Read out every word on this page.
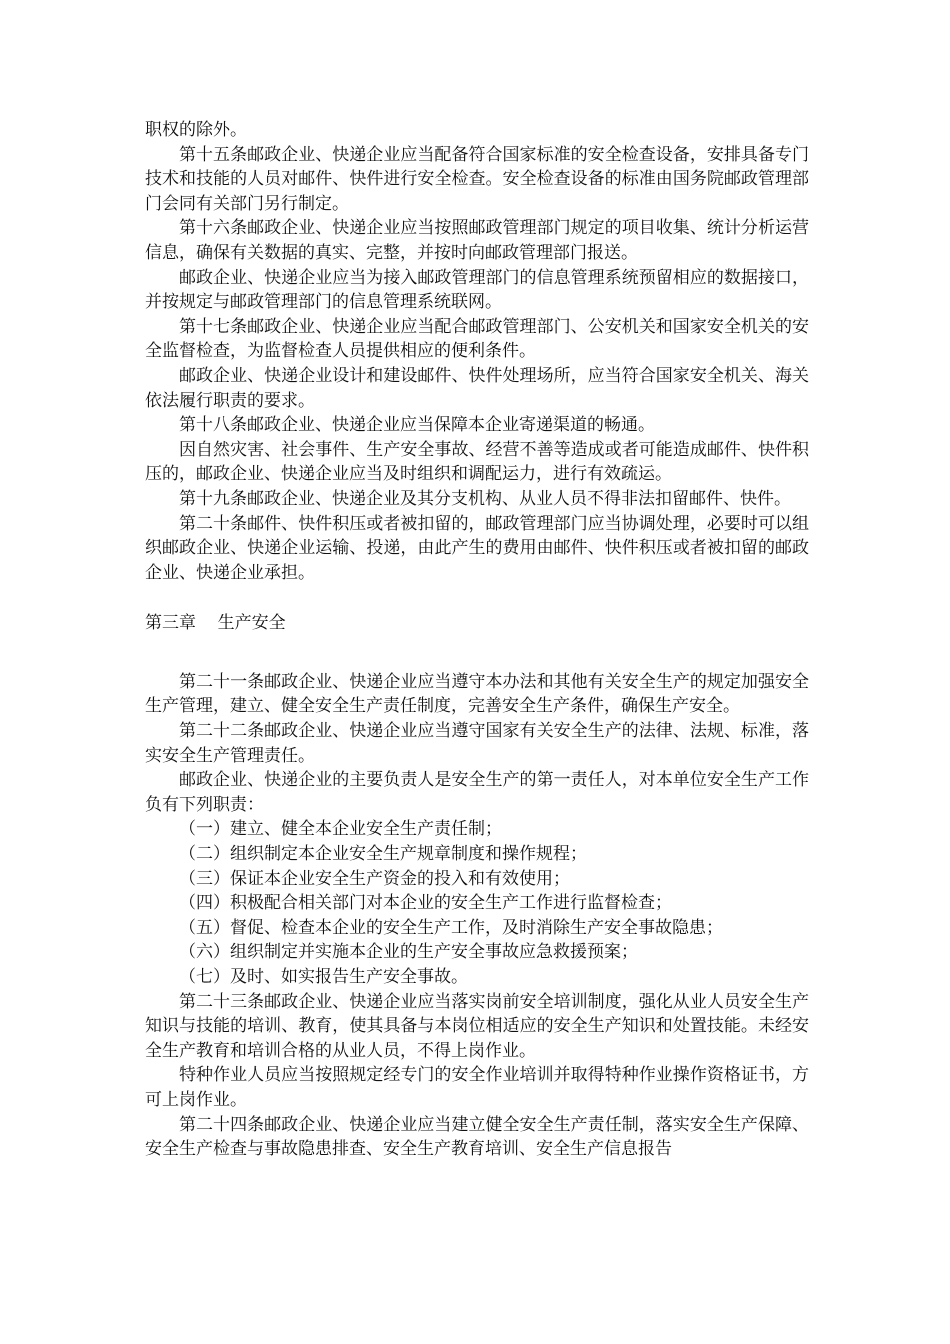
职权的除外。

第十五条邮政企业、快递企业应当配备符合国家标准的安全检查设备，安排具备专门技术和技能的人员对邮件、快件进行安全检查。安全检查设备的标准由国务院邮政管理部门会同有关部门另行制定。

第十六条邮政企业、快递企业应当按照邮政管理部门规定的项目收集、统计分析运营信息，确保有关数据的真实、完整，并按时向邮政管理部门报送。

邮政企业、快递企业应当为接入邮政管理部门的信息管理系统预留相应的数据接口，并按规定与邮政管理部门的信息管理系统联网。

第十七条邮政企业、快递企业应当配合邮政管理部门、公安机关和国家安全机关的安全监督检查，为监督检查人员提供相应的便利条件。

邮政企业、快递企业设计和建设邮件、快件处理场所，应当符合国家安全机关、海关依法履行职责的要求。

第十八条邮政企业、快递企业应当保障本企业寄递渠道的畅通。

因自然灾害、社会事件、生产安全事故、经营不善等造成或者可能造成邮件、快件积压的，邮政企业、快递企业应当及时组织和调配运力，进行有效疏运。

第十九条邮政企业、快递企业及其分支机构、从业人员不得非法扣留邮件、快件。

第二十条邮件、快件积压或者被扣留的，邮政管理部门应当协调处理，必要时可以组织邮政企业、快递企业运输、投递，由此产生的费用由邮件、快件积压或者被扣留的邮政企业、快递企业承担。

第三章    生产安全

第二十一条邮政企业、快递企业应当遵守本办法和其他有关安全生产的规定加强安全生产管理，建立、健全安全生产责任制度，完善安全生产条件，确保生产安全。

第二十二条邮政企业、快递企业应当遵守国家有关安全生产的法律、法规、标准，落实安全生产管理责任。

邮政企业、快递企业的主要负责人是安全生产的第一责任人，对本单位安全生产工作负有下列职责：

（一）建立、健全本企业安全生产责任制；

（二）组织制定本企业安全生产规章制度和操作规程；

（三）保证本企业安全生产资金的投入和有效使用；

（四）积极配合相关部门对本企业的安全生产工作进行监督检查；

（五）督促、检查本企业的安全生产工作，及时消除生产安全事故隐患；

（六）组织制定并实施本企业的生产安全事故应急救援预案；

（七）及时、如实报告生产安全事故。

第二十三条邮政企业、快递企业应当落实岗前安全培训制度，强化从业人员安全生产知识与技能的培训、教育，使其具备与本岗位相适应的安全生产知识和处置技能。未经安全生产教育和培训合格的从业人员，不得上岗作业。

特种作业人员应当按照规定经专门的安全作业培训并取得特种作业操作资格证书，方可上岗作业。

第二十四条邮政企业、快递企业应当建立健全安全生产责任制，落实安全生产保障、安全生产检查与事故隐患排查、安全生产教育培训、安全生产信息报告
